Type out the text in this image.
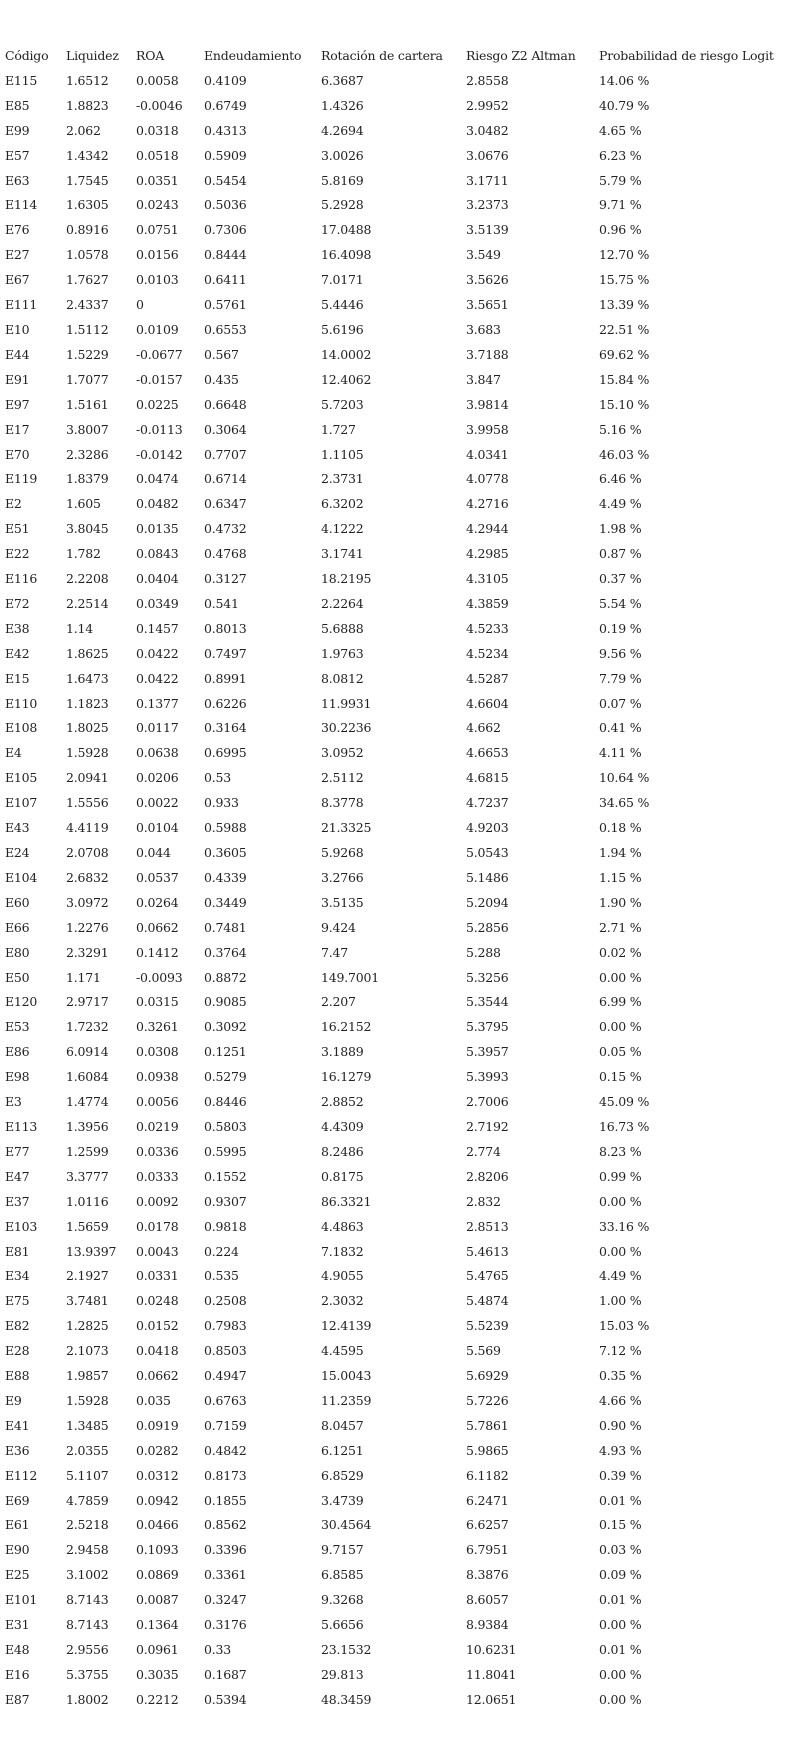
Código	Liquidez	ROA	Endeudamiento	Rotación de cartera	Riesgo Z2 Altman	Probabilidad de riesgo Logit
E115	1.6512	0.0058	0.4109	6.3687	2.8558	14.06 %
E85	1.8823	-0.0046	0.6749	1.4326	2.9952	40.79 %
E99	2.062	0.0318	0.4313	4.2694	3.0482	4.65 %
E57	1.4342	0.0518	0.5909	3.0026	3.0676	6.23 %
E63	1.7545	0.0351	0.5454	5.8169	3.1711	5.79 %
E114	1.6305	0.0243	0.5036	5.2928	3.2373	9.71 %
E76	0.8916	0.0751	0.7306	17.0488	3.5139	0.96 %
E27	1.0578	0.0156	0.8444	16.4098	3.549	12.70 %
E67	1.7627	0.0103	0.6411	7.0171	3.5626	15.75 %
E111	2.4337	0	0.5761	5.4446	3.5651	13.39 %
E10	1.5112	0.0109	0.6553	5.6196	3.683	22.51 %
E44	1.5229	-0.0677	0.567	14.0002	3.7188	69.62 %
E91	1.7077	-0.0157	0.435	12.4062	3.847	15.84 %
E97	1.5161	0.0225	0.6648	5.7203	3.9814	15.10 %
E17	3.8007	-0.0113	0.3064	1.727	3.9958	5.16 %
E70	2.3286	-0.0142	0.7707	1.1105	4.0341	46.03 %
E119	1.8379	0.0474	0.6714	2.3731	4.0778	6.46 %
E2	1.605	0.0482	0.6347	6.3202	4.2716	4.49 %
E51	3.8045	0.0135	0.4732	4.1222	4.2944	1.98 %
E22	1.782	0.0843	0.4768	3.1741	4.2985	0.87 %
E116	2.2208	0.0404	0.3127	18.2195	4.3105	0.37 %
E72	2.2514	0.0349	0.541	2.2264	4.3859	5.54 %
E38	1.14	0.1457	0.8013	5.6888	4.5233	0.19 %
E42	1.8625	0.0422	0.7497	1.9763	4.5234	9.56 %
E15	1.6473	0.0422	0.8991	8.0812	4.5287	7.79 %
E110	1.1823	0.1377	0.6226	11.9931	4.6604	0.07 %
E108	1.8025	0.0117	0.3164	30.2236	4.662	0.41 %
E4	1.5928	0.0638	0.6995	3.0952	4.6653	4.11 %
E105	2.0941	0.0206	0.53	2.5112	4.6815	10.64 %
E107	1.5556	0.0022	0.933	8.3778	4.7237	34.65 %
E43	4.4119	0.0104	0.5988	21.3325	4.9203	0.18 %
E24	2.0708	0.044	0.3605	5.9268	5.0543	1.94 %
E104	2.6832	0.0537	0.4339	3.2766	5.1486	1.15 %
E60	3.0972	0.0264	0.3449	3.5135	5.2094	1.90 %
E66	1.2276	0.0662	0.7481	9.424	5.2856	2.71 %
E80	2.3291	0.1412	0.3764	7.47	5.288	0.02 %
E50	1.171	-0.0093	0.8872	149.7001	5.3256	0.00 %
E120	2.9717	0.0315	0.9085	2.207	5.3544	6.99 %
E53	1.7232	0.3261	0.3092	16.2152	5.3795	0.00 %
E86	6.0914	0.0308	0.1251	3.1889	5.3957	0.05 %
E98	1.6084	0.0938	0.5279	16.1279	5.3993	0.15 %
E3	1.4774	0.0056	0.8446	2.8852	2.7006	45.09 %
E113	1.3956	0.0219	0.5803	4.4309	2.7192	16.73 %
E77	1.2599	0.0336	0.5995	8.2486	2.774	8.23 %
E47	3.3777	0.0333	0.1552	0.8175	2.8206	0.99 %
E37	1.0116	0.0092	0.9307	86.3321	2.832	0.00 %
E103	1.5659	0.0178	0.9818	4.4863	2.8513	33.16 %
E81	13.9397	0.0043	0.224	7.1832	5.4613	0.00 %
E34	2.1927	0.0331	0.535	4.9055	5.4765	4.49 %
E75	3.7481	0.0248	0.2508	2.3032	5.4874	1.00 %
E82	1.2825	0.0152	0.7983	12.4139	5.5239	15.03 %
E28	2.1073	0.0418	0.8503	4.4595	5.569	7.12 %
E88	1.9857	0.0662	0.4947	15.0043	5.6929	0.35 %
E9	1.5928	0.035	0.6763	11.2359	5.7226	4.66 %
E41	1.3485	0.0919	0.7159	8.0457	5.7861	0.90 %
E36	2.0355	0.0282	0.4842	6.1251	5.9865	4.93 %
E112	5.1107	0.0312	0.8173	6.8529	6.1182	0.39 %
E69	4.7859	0.0942	0.1855	3.4739	6.2471	0.01 %
E61	2.5218	0.0466	0.8562	30.4564	6.6257	0.15 %
E90	2.9458	0.1093	0.3396	9.7157	6.7951	0.03 %
E25	3.1002	0.0869	0.3361	6.8585	8.3876	0.09 %
E101	8.7143	0.0087	0.3247	9.3268	8.6057	0.01 %
E31	8.7143	0.1364	0.3176	5.6656	8.9384	0.00 %
E48	2.9556	0.0961	0.33	23.1532	10.6231	0.01 %
E16	5.3755	0.3035	0.1687	29.813	11.8041	0.00 %
E87	1.8002	0.2212	0.5394	48.3459	12.0651	0.00 %
